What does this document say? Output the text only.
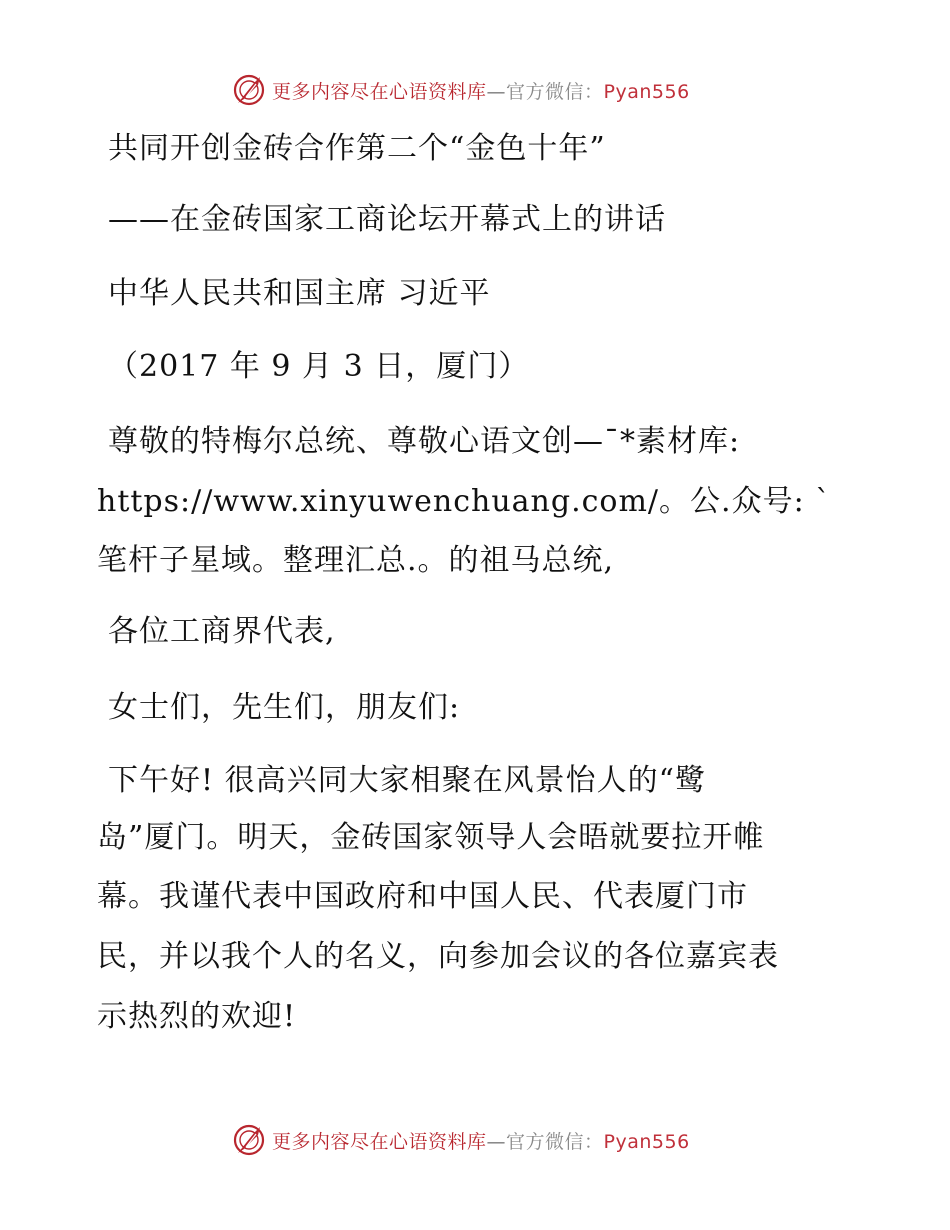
更多内容尽在心语资料库—官方微信：Pyan556
共同开创金砖合作第二个“金色十年”
——在金砖国家工商论坛开幕式上的讲话
中华人民共和国主席 习近平
（2017 年 9 月 3 日，厦门）
尊敬的特梅尔总统、尊敬心语文创—¯*素材库:
https://www.xinyuwenchuang.com/。公.众号: `
笔杆子星域。整理汇总.。的祖马总统,
各位工商界代表,
女士们，先生们，朋友们:
下午好! 很高兴同大家相聚在风景怡人的“鹭
岛”厦门。明天，金砖国家领导人会晤就要拉开帷
幕。我谨代表中国政府和中国人民、代表厦门市
民，并以我个人的名义，向参加会议的各位嘉宾表
示热烈的欢迎!
更多内容尽在心语资料库—官方微信：Pyan556
